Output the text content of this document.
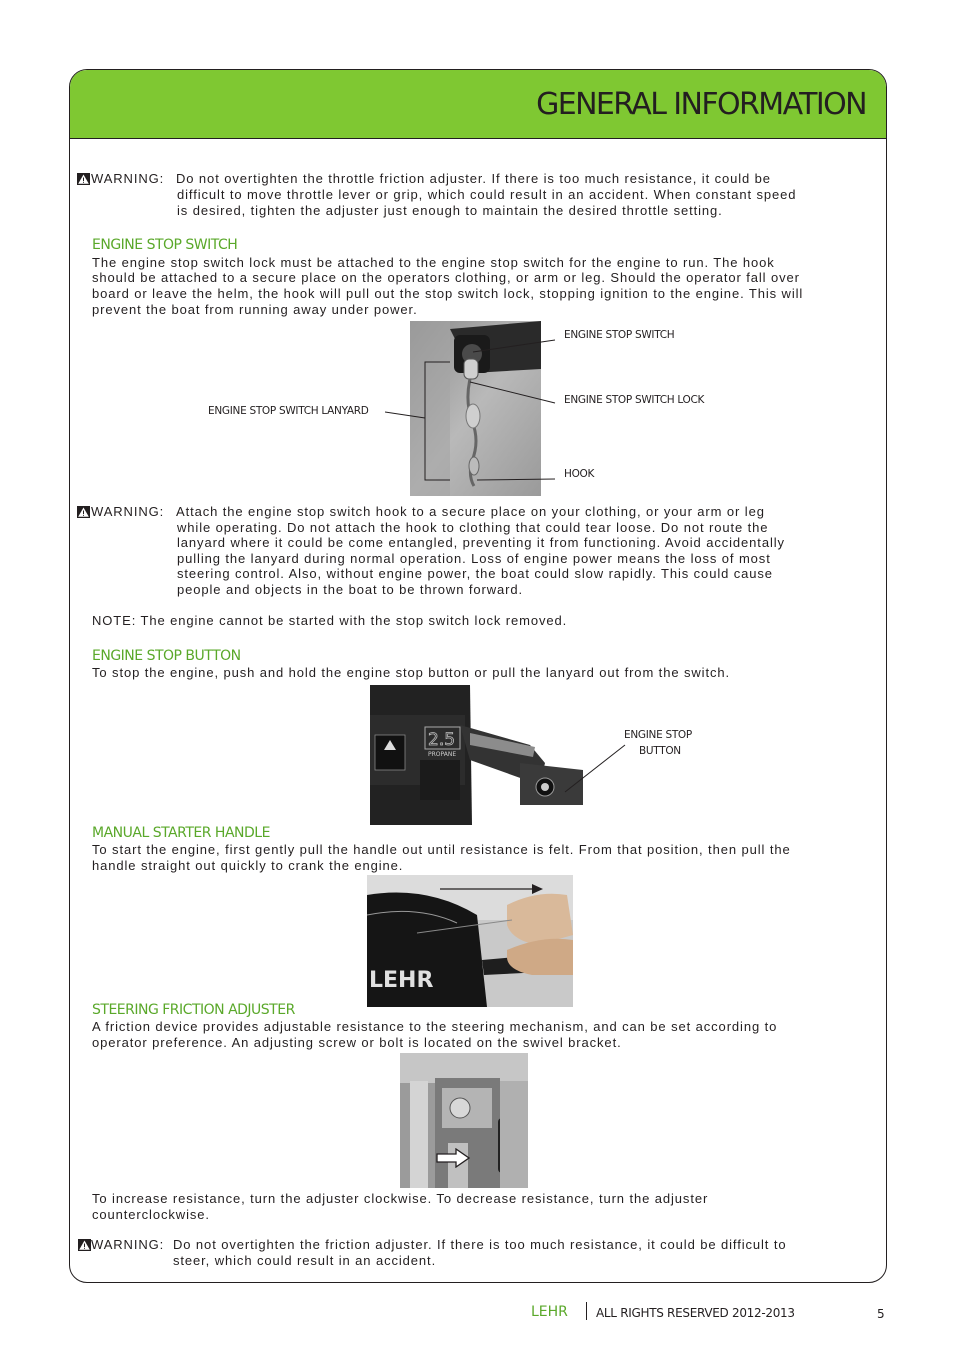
GENERAL INFORMATION
WARNING: Do not overtighten the throttle friction adjuster. If there is too much resistance, it could be
difficult to move throttle lever or grip, which could result in an accident. When constant speed
is desired, tighten the adjuster just enough to maintain the desired throttle setting.
ENGINE STOP SWITCH
The engine stop switch lock must be attached to the engine stop switch for the engine to run. The hook
should be attached to a secure place on the operators clothing, or arm or leg. Should the operator fall over
board or leave the helm, the hook will pull out the stop switch lock, stopping ignition to the engine. This will
prevent the boat from running away under power.
ENGINE STOP SWITCH
ENGINE STOP SWITCH LOCK
ENGINE STOP SWITCH LANYARD
HOOK
WARNING: Attach the engine stop switch hook to a secure place on your clothing, or your arm or leg
while operating. Do not attach the hook to clothing that could tear loose. Do not route the
lanyard where it could be come entangled, preventing it from functioning. Avoid accidentally
pulling the lanyard during normal operation. Loss of engine power means the loss of most
steering control. Also, without engine power, the boat could slow rapidly. This could cause
people and objects in the boat to be thrown forward.
NOTE: The engine cannot be started with the stop switch lock removed.
ENGINE STOP BUTTON
To stop the engine, push and hold the engine stop button or pull the lanyard out from the switch.
2.5
PROPANE
ENGINE STOP
BUTTON
MANUAL STARTER HANDLE
To start the engine, first gently pull the handle out until resistance is felt. From that position, then pull the
handle straight out quickly to crank the engine.
LEHR
STEERING FRICTION ADJUSTER
A friction device provides adjustable resistance to the steering mechanism, and can be set according to
operator preference. An adjusting screw or bolt is located on the swivel bracket.
To increase resistance, turn the adjuster clockwise. To decrease resistance, turn the adjuster
counterclockwise.
WARNING: Do not overtighten the friction adjuster. If there is too much resistance, it could be difficult to
steer, which could result in an accident.
LEHR ALL RIGHTS RESERVED 2012-2013	5
